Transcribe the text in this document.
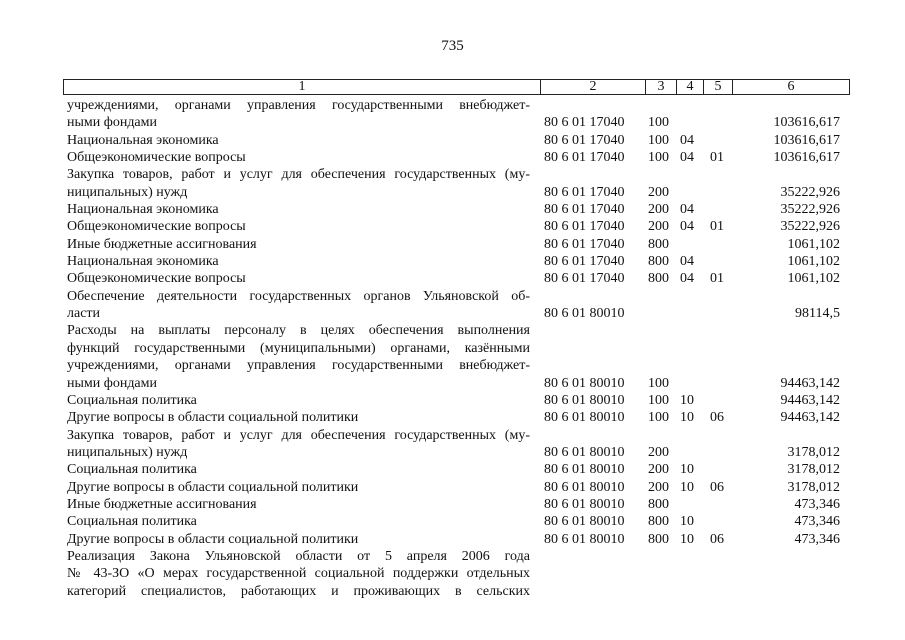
735
1	2	3	4	5	6
учреждениями, органами управления государственными внебюджет-
ными фондами	80 6 01 17040 100	103616,617
Национальная экономика	80 6 01 17040 100 04	103616,617
Общеэкономические вопросы	80 6 01 17040 100 04 01	103616,617
Закупка товаров, работ и услуг для обеспечения государственных (му-
ниципальных) нужд	80 6 01 17040 200	35222,926
Национальная экономика	80 6 01 17040 200 04	35222,926
Общеэкономические вопросы	80 6 01 17040 200 04 01	35222,926
Иные бюджетные ассигнования	80 6 01 17040 800	1061,102
Национальная экономика	80 6 01 17040 800 04	1061,102
Общеэкономические вопросы	80 6 01 17040 800 04 01	1061,102
Обеспечение деятельности государственных органов Ульяновской об-
ласти	80 6 01 80010	98114,5
Расходы на выплаты персоналу в целях обеспечения выполнения
функций государственными (муниципальными) органами, казёнными
учреждениями, органами управления государственными внебюджет-
ными фондами	80 6 01 80010 100	94463,142
Социальная политика	80 6 01 80010 100 10	94463,142
Другие вопросы в области социальной политики	80 6 01 80010 100 10 06	94463,142
Закупка товаров, работ и услуг для обеспечения государственных (му-
ниципальных) нужд	80 6 01 80010 200	3178,012
Социальная политика	80 6 01 80010 200 10	3178,012
Другие вопросы в области социальной политики	80 6 01 80010 200 10 06	3178,012
Иные бюджетные ассигнования	80 6 01 80010 800	473,346
Социальная политика	80 6 01 80010 800 10	473,346
Другие вопросы в области социальной политики	80 6 01 80010 800 10 06	473,346
Реализация Закона Ульяновской области от 5 апреля 2006 года
№ 43-ЗО «О мерах государственной социальной поддержки отдельных
категорий специалистов, работающих и проживающих в сельских
